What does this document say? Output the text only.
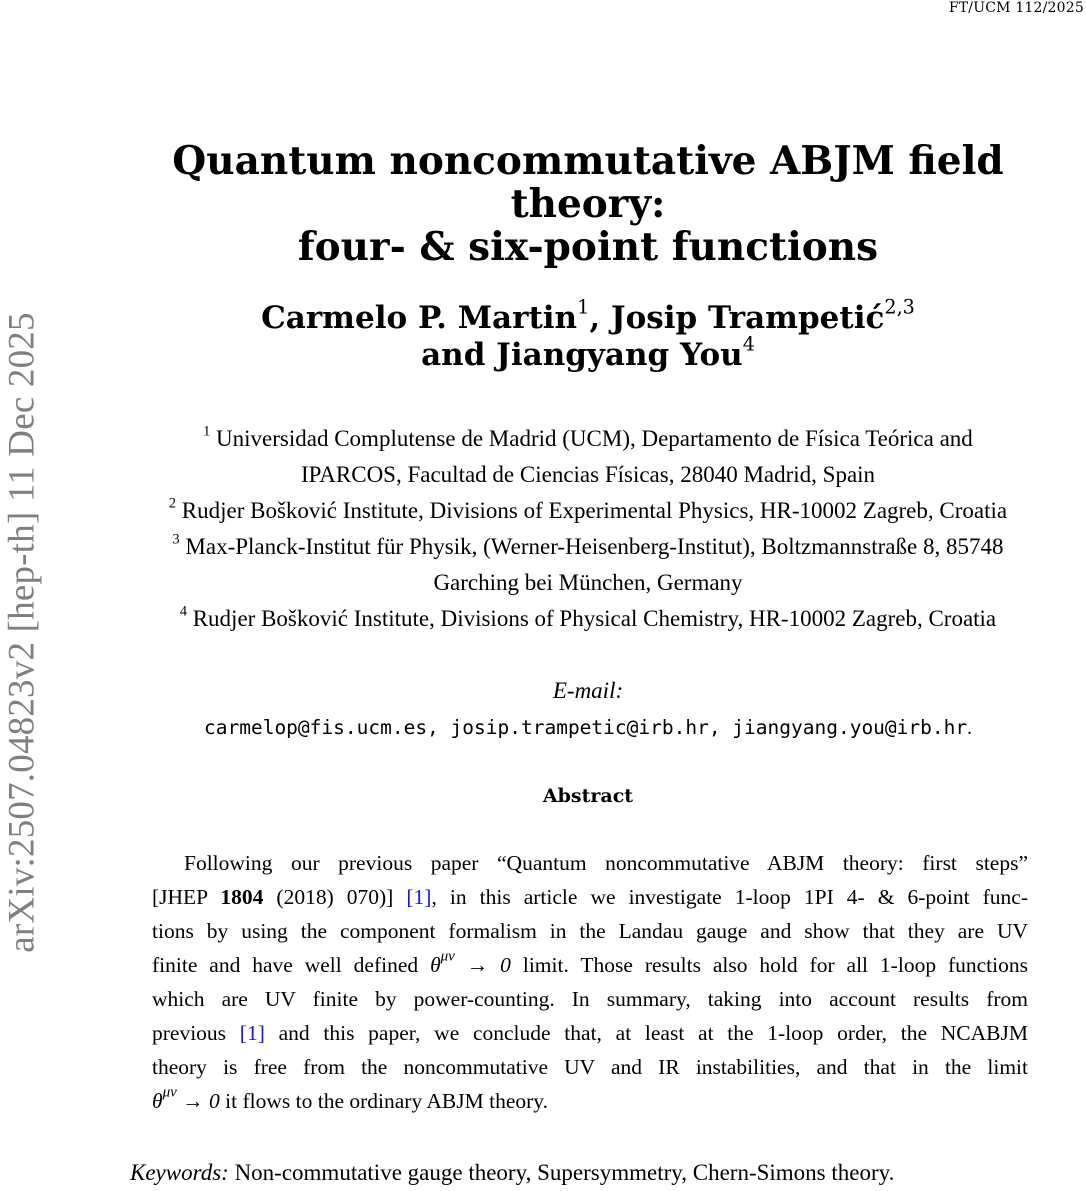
FT/UCM 112/2025
arXiv:2507.04823v2 [hep-th] 11 Dec 2025
Quantum noncommutative ABJM field theory:
four- & six-point functions
Carmelo P. Martin$^1$, Josip Trampetić$^{2,3}$
and Jiangyang You$^4$
$^1$ Universidad Complutense de Madrid (UCM), Departamento de Física Teórica and
IPARCOS, Facultad de Ciencias Físicas, 28040 Madrid, Spain
$^2$ Rudjer Bošković Institute, Divisions of Experimental Physics, HR-10002 Zagreb, Croatia
$^3$ Max-Planck-Institut für Physik, (Werner-Heisenberg-Institut), Boltzmannstraße 8, 85748
Garching bei München, Germany
$^4$ Rudjer Bošković Institute, Divisions of Physical Chemistry, HR-10002 Zagreb, Croatia
E-mail:
carmelop@fis.ucm.es, josip.trampetic@irb.hr, jiangyang.you@irb.hr.
Abstract
Following our previous paper “Quantum noncommutative ABJM theory: first steps”
[JHEP 1804 (2018) 070)] [1], in this article we investigate 1-loop 1PI 4- & 6-point func-
tions by using the component formalism in the Landau gauge and show that they are UV
finite and have well defined $\theta^{\mu\nu} \to 0$ limit. Those results also hold for all 1-loop functions
which are UV finite by power-counting. In summary, taking into account results from
previous [1] and this paper, we conclude that, at least at the 1-loop order, the NCABJM
theory is free from the noncommutative UV and IR instabilities, and that in the limit
$\theta^{\mu\nu} \to 0$ it flows to the ordinary ABJM theory.
Keywords: Non-commutative gauge theory, Supersymmetry, Chern-Simons theory.
